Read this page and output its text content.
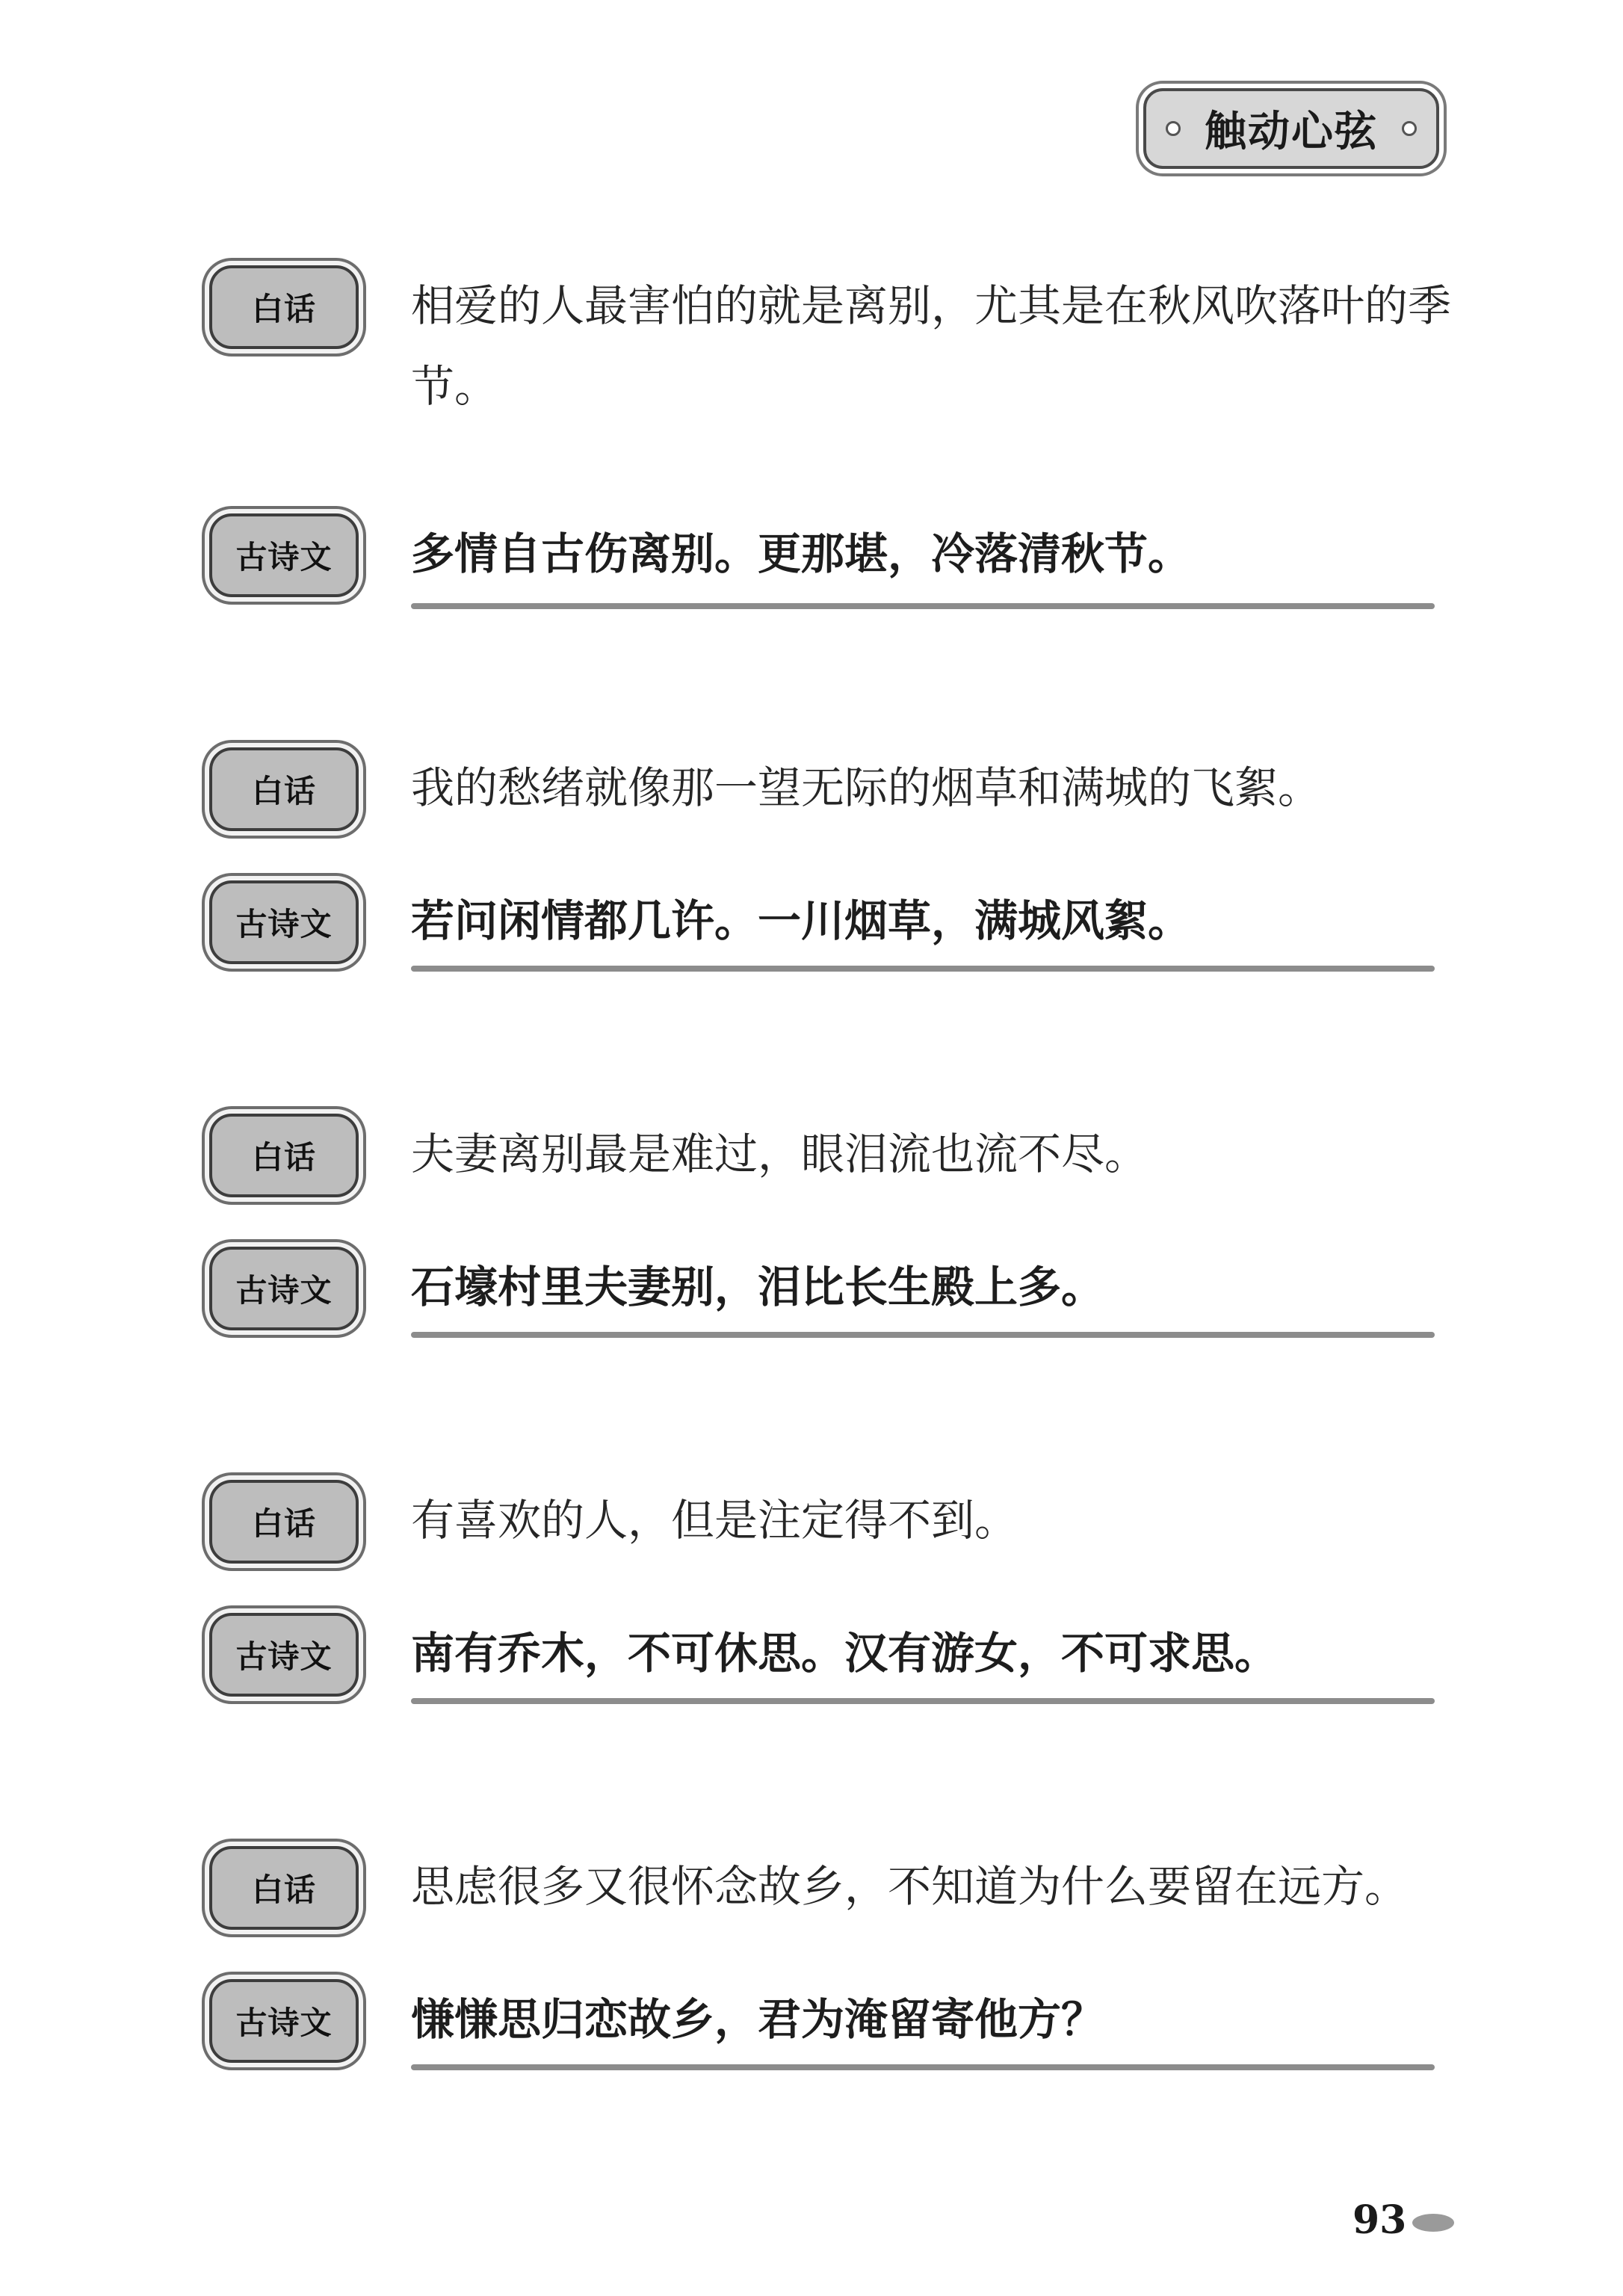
触动心弦
白话	相爱的人最害怕的就是离别，尤其是在秋风吹落叶的季节。
古诗文	多情自古伤离别。更那堪，冷落清秋节。
白话	我的愁绪就像那一望无际的烟草和满城的飞絮。
古诗文	若问闲情都几许。一川烟草，满城风絮。
白话	夫妻离别最是难过，眼泪流也流不尽。
古诗文	石壕村里夫妻别，泪比长生殿上多。
白话	有喜欢的人，但是注定得不到。
古诗文	南有乔木，不可休思。汉有游女，不可求思。
白话	思虑很多又很怀念故乡，不知道为什么要留在远方。
古诗文	慊慊思归恋故乡，君为淹留寄他方？
93
